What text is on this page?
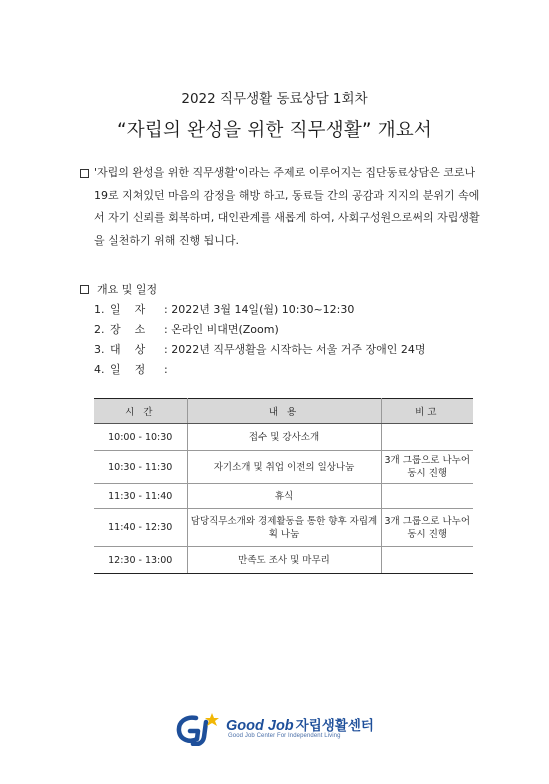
2022 직무생활 동료상담 1회차
“자립의 완성을 위한 직무생활” 개요서

'자립의 완성을 위한 직무생활'이라는 주제로 이루어지는 집단동료상담은 코로나19로 지쳐있던 마음의 감정을 해방 하고, 동료들 간의 공감과 지지의 분위기 속에서 자기 신뢰를 회복하며, 대인관계를 새롭게 하여, 사회구성원으로써의 자립생활을 실천하기 위해 진행 됩니다.

개요 및 일정
1. 일    자 : 2022년 3월 14일(월) 10:30~12:30
2. 장    소 : 온라인 비대면(Zoom)
3. 대    상 : 2022년 직무생활을 시작하는 서울 거주 장애인 24명
4. 일    정 :
시 간	내 용	비고
10:00 - 10:30	접수 및 강사소개	
10:30 - 11:30	자기소개 및 취업 이전의 일상나눔	3개 그룹으로 나누어 동시 진행
11:30 - 11:40	휴식	
11:40 - 12:30	담당직무소개와 경제활동을 통한 향후 자립계획 나눔	3개 그룹으로 나누어 동시 진행
12:30 - 13:00	만족도 조사 및 마무리	
Good Job 자립생활센터
Good Job Center For Independent Living
